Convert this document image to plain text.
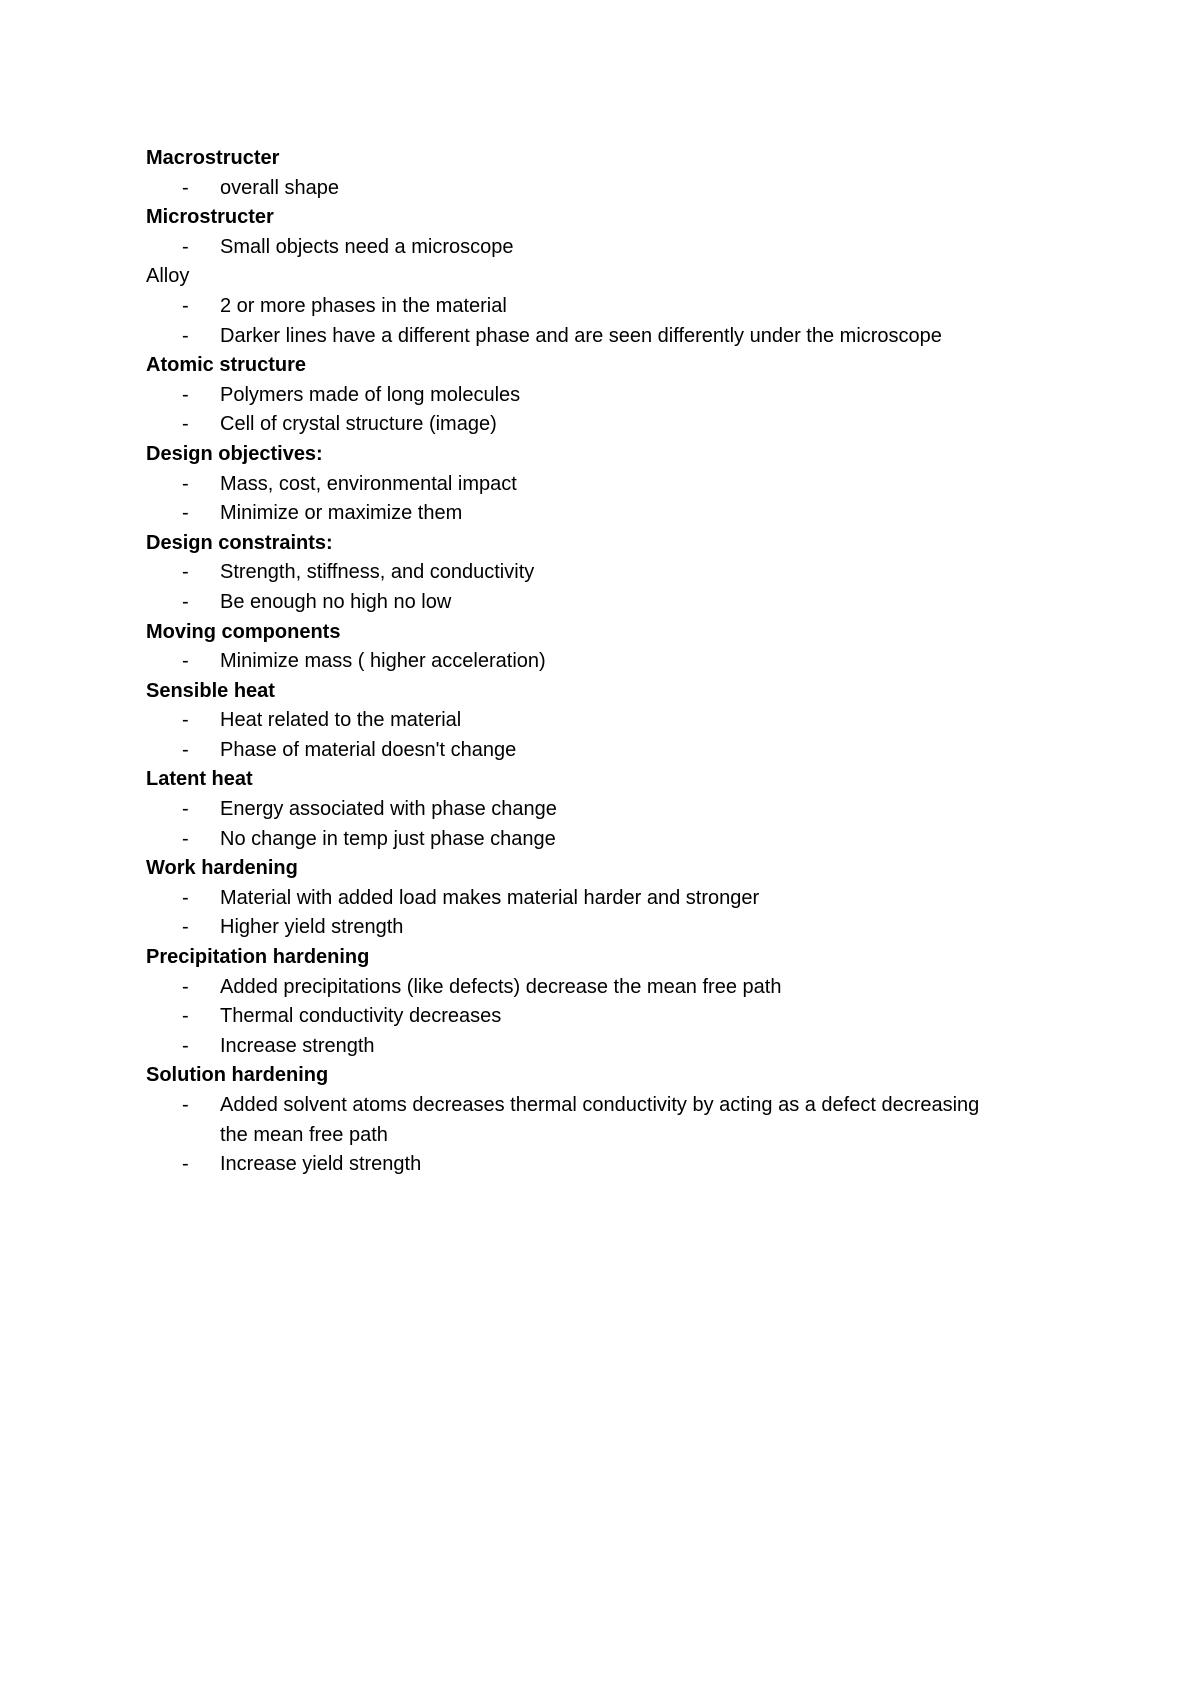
Macrostructer
-	overall shape
Microstructer
-	Small objects need a microscope
Alloy
-	2 or more phases in the material
-	Darker lines have a different phase and are seen differently under the microscope
Atomic structure
-	Polymers made of long molecules
-	Cell of crystal structure (image)
Design objectives:
-	Mass, cost, environmental impact
-	Minimize or maximize them
Design constraints:
-	Strength, stiffness, and conductivity
-	Be enough no high no low
Moving components
-	Minimize mass ( higher acceleration)
Sensible heat
-	Heat related to the material
-	Phase of material doesn't change
Latent heat
-	Energy associated with phase change
-	No change in temp just phase change
Work hardening
-	Material with added load makes material harder and stronger
-	Higher yield strength
Precipitation hardening
-	Added precipitations (like defects) decrease the mean free path
-	Thermal conductivity decreases
-	Increase strength
Solution hardening
-	Added solvent atoms decreases thermal conductivity by acting as a defect decreasing the mean free path
-	Increase yield strength
